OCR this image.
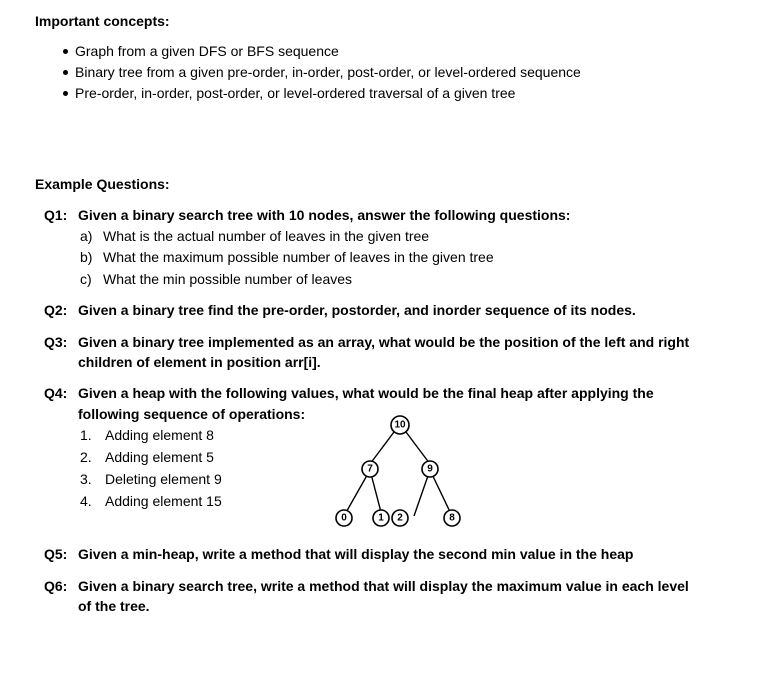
Important concepts:
Graph from a given DFS or BFS sequence
Binary tree from a given pre-order, in-order, post-order, or level-ordered sequence
Pre-order, in-order, post-order, or level-ordered traversal of a given tree
Example Questions:
Q1: Given a binary search tree with 10 nodes, answer the following questions:
a) What is the actual number of leaves in the given tree
b) What the maximum possible number of leaves in the given tree
c) What the min possible number of leaves
Q2: Given a binary tree find the pre-order, postorder, and inorder sequence of its nodes.
Q3: Given a binary tree implemented as an array, what would be the position of the left and right
children of element in position arr[i].
Q4: Given a heap with the following values, what would be the final heap after applying the
following sequence of operations:
1. Adding element 8
2. Adding element 5
3. Deleting element 9
4. Adding element 15
10
7	9
0	1 2	8
Q5: Given a min-heap, write a method that will display the second min value in the heap
Q6: Given a binary search tree, write a method that will display the maximum value in each level
of the tree.
